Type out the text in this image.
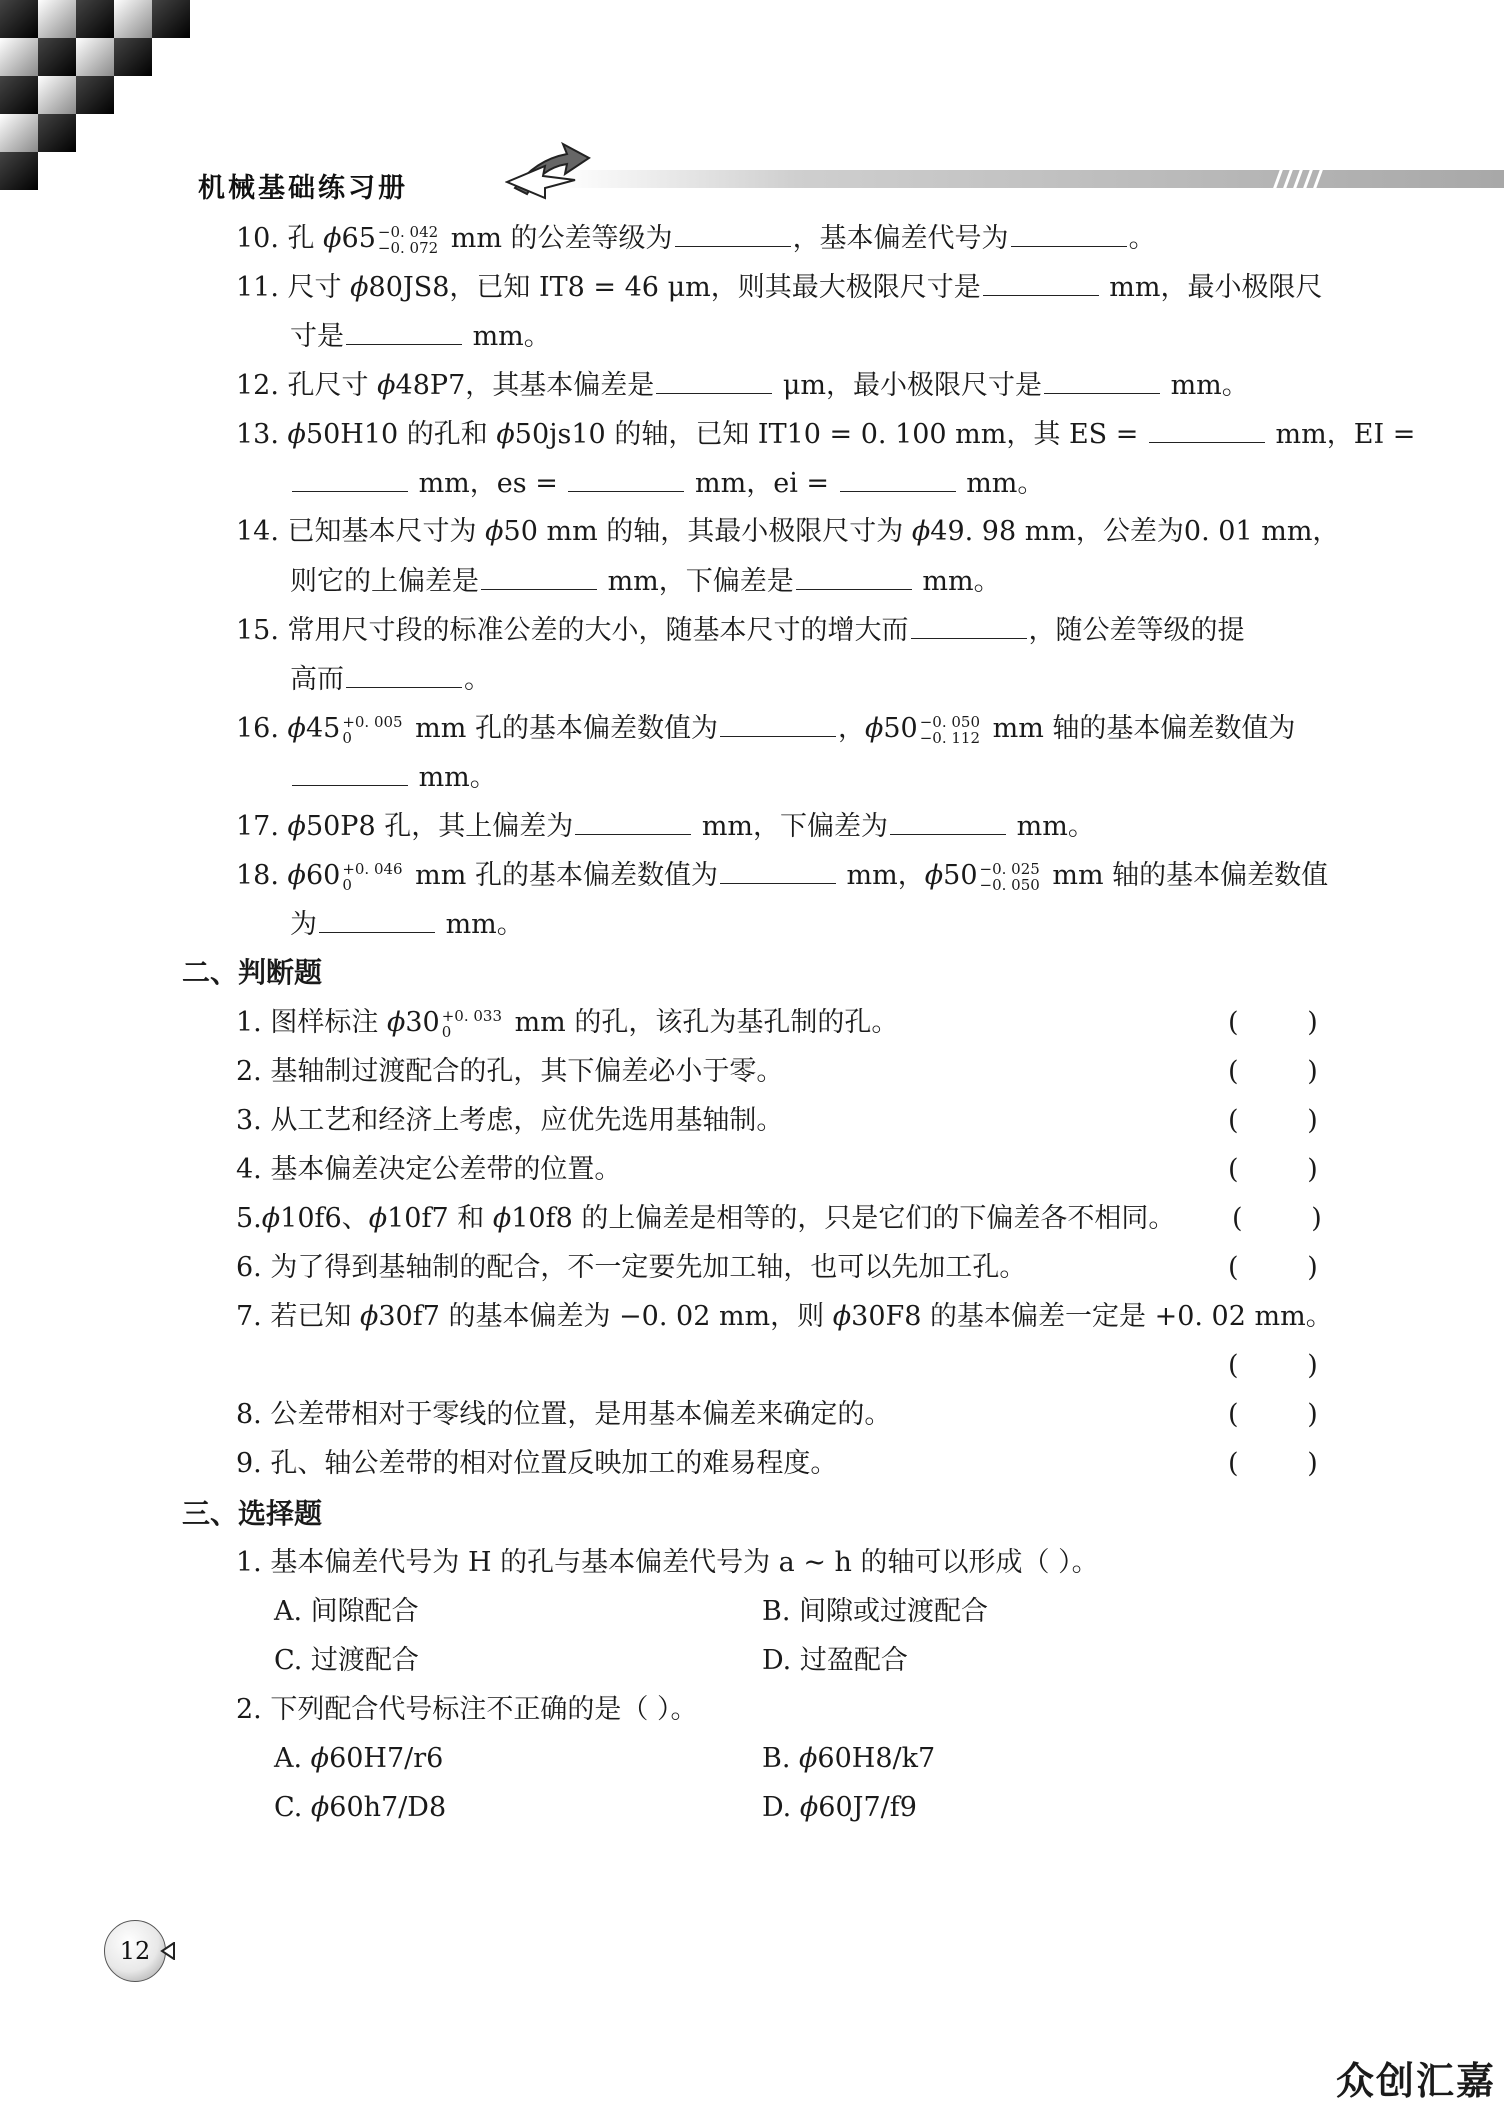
机械基础练习册
10. 孔 ϕ65 −0. 042
−0. 072 mm 的公差等级为	，基本偏差代号为	。
11. 尺寸 ϕ80JS8，已知 IT8 = 46 μm，则其最大极限尺寸是	mm，最小极限尺
寸是	mm。
12. 孔尺寸 ϕ48P7，其基本偏差是	μm，最小极限尺寸是	mm。
13. ϕ50H10 的孔和 ϕ50js10 的轴，已知 IT10 = 0. 100 mm，其 ES =	mm，EI =
mm，es =	mm，ei =	mm。
14. 已知基本尺寸为 ϕ50 mm 的轴，其最小极限尺寸为 ϕ49. 98 mm，公差为0. 01 mm，
则它的上偏差是	mm，下偏差是	mm。
15. 常用尺寸段的标准公差的大小，随基本尺寸的增大而	，随公差等级的提
高而	。
16. ϕ45 +0. 005
0	mm 孔的基本偏差数值为	，ϕ50 −0. 050
−0. 112 mm 轴的基本偏差数值为
mm。
17. ϕ50P8 孔，其上偏差为	mm，下偏差为	mm。
18. ϕ60 +0. 046
0	mm 孔的基本偏差数值为	mm，ϕ50 −0. 025
−0. 050 mm 轴的基本偏差数值
为	mm。
二、判断题
1. 图样标注 ϕ30 +0. 033
0	mm 的孔，该孔为基孔制的孔。	(        )
2. 基轴制过渡配合的孔，其下偏差必小于零。	(        )
3. 从工艺和经济上考虑，应优先选用基轴制。	(        )
4. 基本偏差决定公差带的位置。	(        )
5.ϕ10f6、ϕ10f7 和 ϕ10f8 的上偏差是相等的，只是它们的下偏差各不相同。 (        )
6. 为了得到基轴制的配合，不一定要先加工轴，也可以先加工孔。	(        )
7. 若已知 ϕ30f7 的基本偏差为 −0. 02 mm，则 ϕ30F8 的基本偏差一定是 +0. 02 mm。
(        )
8. 公差带相对于零线的位置，是用基本偏差来确定的。	(        )
9. 孔、轴公差带的相对位置反映加工的难易程度。	(        )
三、选择题
1. 基本偏差代号为 H 的孔与基本偏差代号为 a ~ h 的轴可以形成（ ）。
A. 间隙配合	B. 间隙或过渡配合
C. 过渡配合	D. 过盈配合
2. 下列配合代号标注不正确的是（ ）。
A. ϕ60H7/r6	B. ϕ60H8/k7
C. ϕ60h7/D8	D. ϕ60J7/f9
12
众创汇嘉
